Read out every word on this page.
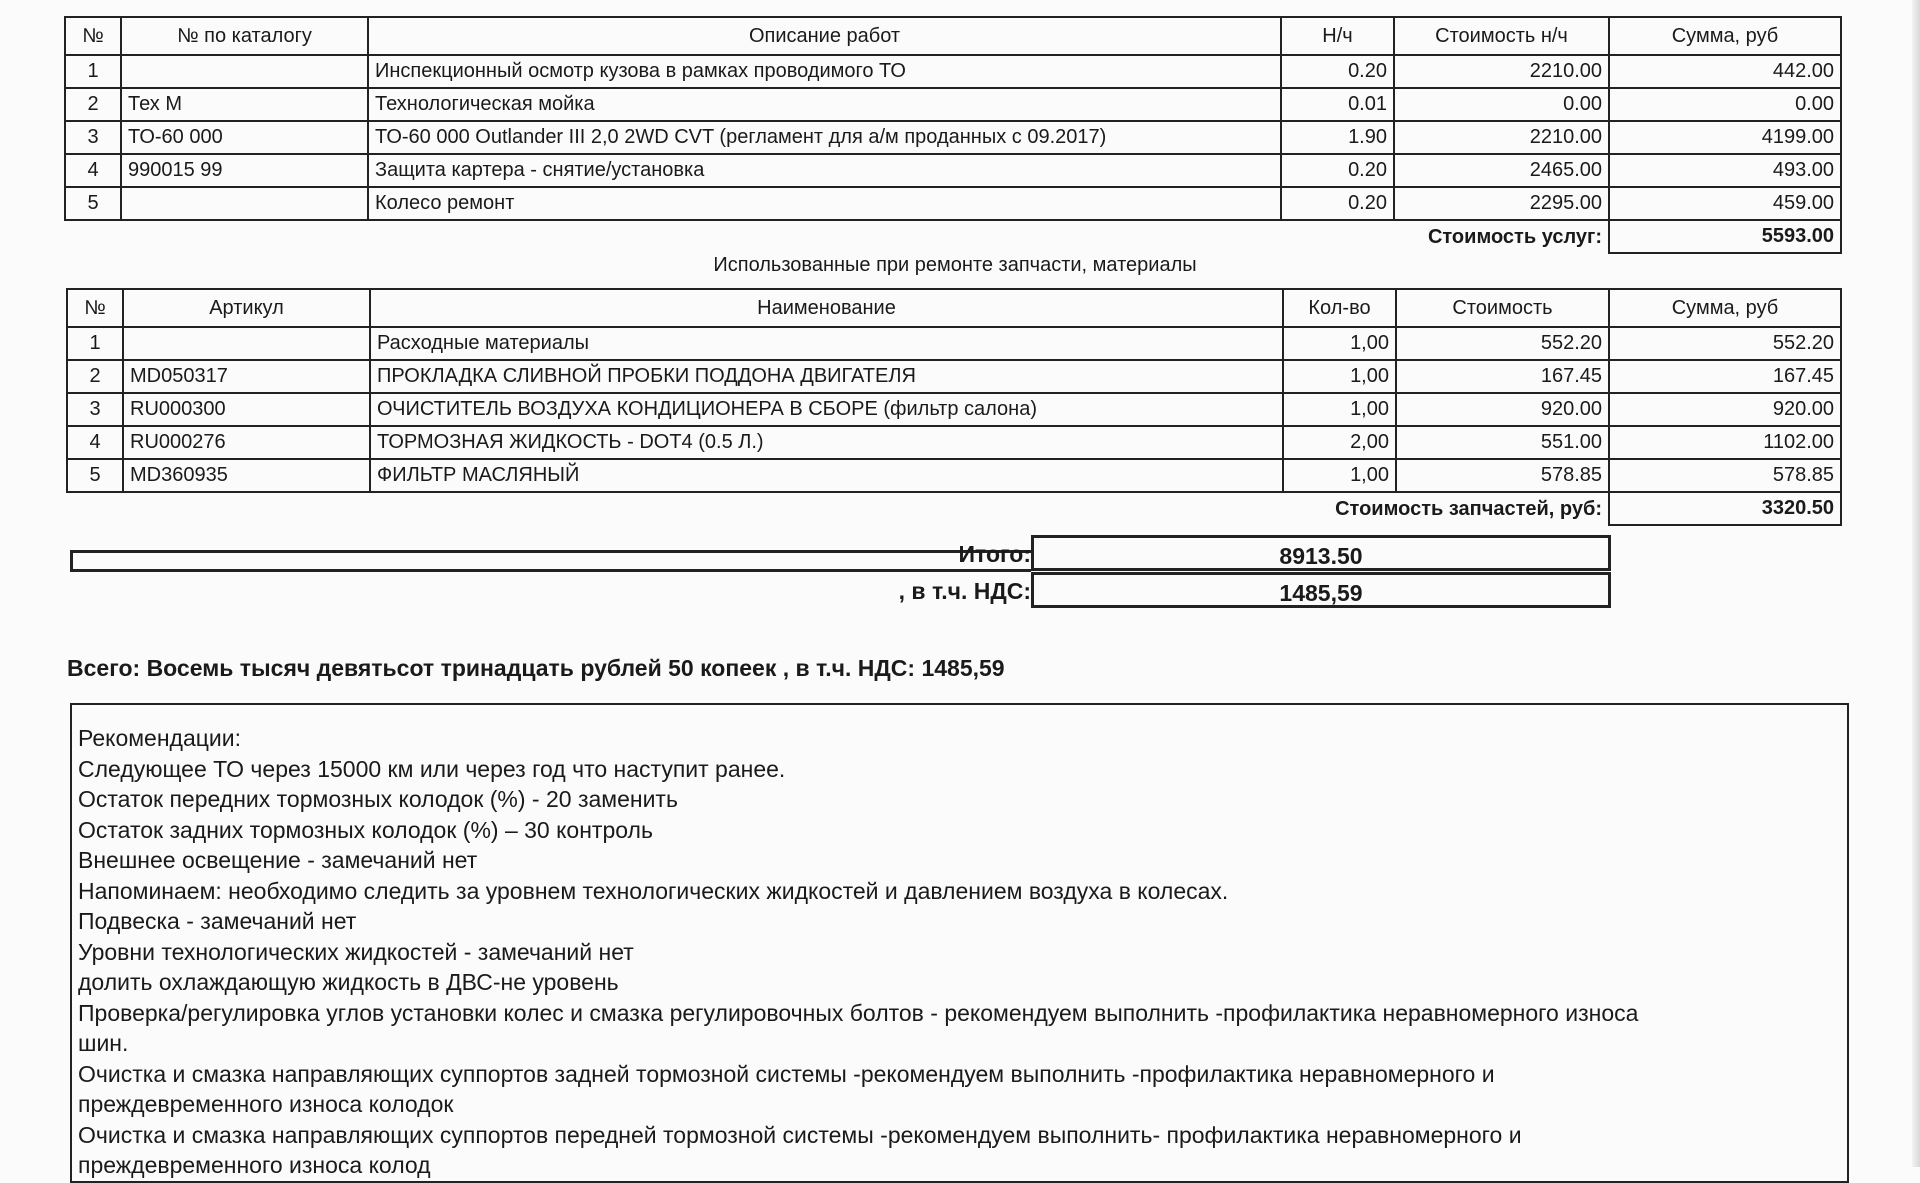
№	№ по каталогу	Описание работ	Н/ч	Стоимость н/ч	Сумма, руб
1		Инспекционный осмотр кузова в рамках проводимого ТО	0.20	2210.00	442.00
2	Тех М	Технологическая мойка	0.01	0.00	0.00
3	ТО-60 000	ТО-60 000 Outlander III 2,0 2WD CVT (регламент для а/м проданных с 09.2017)	1.90	2210.00	4199.00
4	990015 99	Защита картера - снятие/установка	0.20	2465.00	493.00
5		Колесо ремонт	0.20	2295.00	459.00
Стоимость услуг:					5593.00
Использованные при ремонте запчасти, материалы
№	Артикул	Наименование	Кол-во	Стоимость	Сумма, руб
1		Расходные материалы	1,00	552.20	552.20
2	MD050317	ПРОКЛАДКА СЛИВНОЙ ПРОБКИ ПОДДОНА ДВИГАТЕЛЯ	1,00	167.45	167.45
3	RU000300	ОЧИСТИТЕЛЬ ВОЗДУХА КОНДИЦИОНЕРА В СБОРЕ (фильтр салона)	1,00	920.00	920.00
4	RU000276	ТОРМОЗНАЯ ЖИДКОСТЬ - DOT4 (0.5 Л.)	2,00	551.00	1102.00
5	MD360935	ФИЛЬТР МАСЛЯНЫЙ	1,00	578.85	578.85
Стоимость запчастей, руб:					3320.50
Итого:	8913.50
, в т.ч. НДС:	1485,59
Всего: Восемь тысяч девятьсот тринадцать рублей 50 копеек , в т.ч. НДС: 1485,59
Рекомендации:
Следующее ТО через 15000 км или через год что наступит ранее.
Остаток передних тормозных колодок (%) - 20 заменить
Остаток задних тормозных колодок (%) – 30 контроль
Внешнее освещение - замечаний нет
Напоминаем: необходимо следить за уровнем технологических жидкостей и давлением воздуха в колесах.
Подвеска - замечаний нет
Уровни технологических жидкостей - замечаний нет
долить охлаждающую жидкость в ДВС-не уровень
Проверка/регулировка углов установки колес и смазка регулировочных болтов - рекомендуем выполнить -профилактика неравномерного износа
шин.
Очистка и смазка направляющих суппортов задней тормозной системы -рекомендуем выполнить -профилактика неравномерного и
преждевременного износа колодок
Очистка и смазка направляющих суппортов передней тормозной системы -рекомендуем выполнить- профилактика неравномерного и
преждевременного износа колод
